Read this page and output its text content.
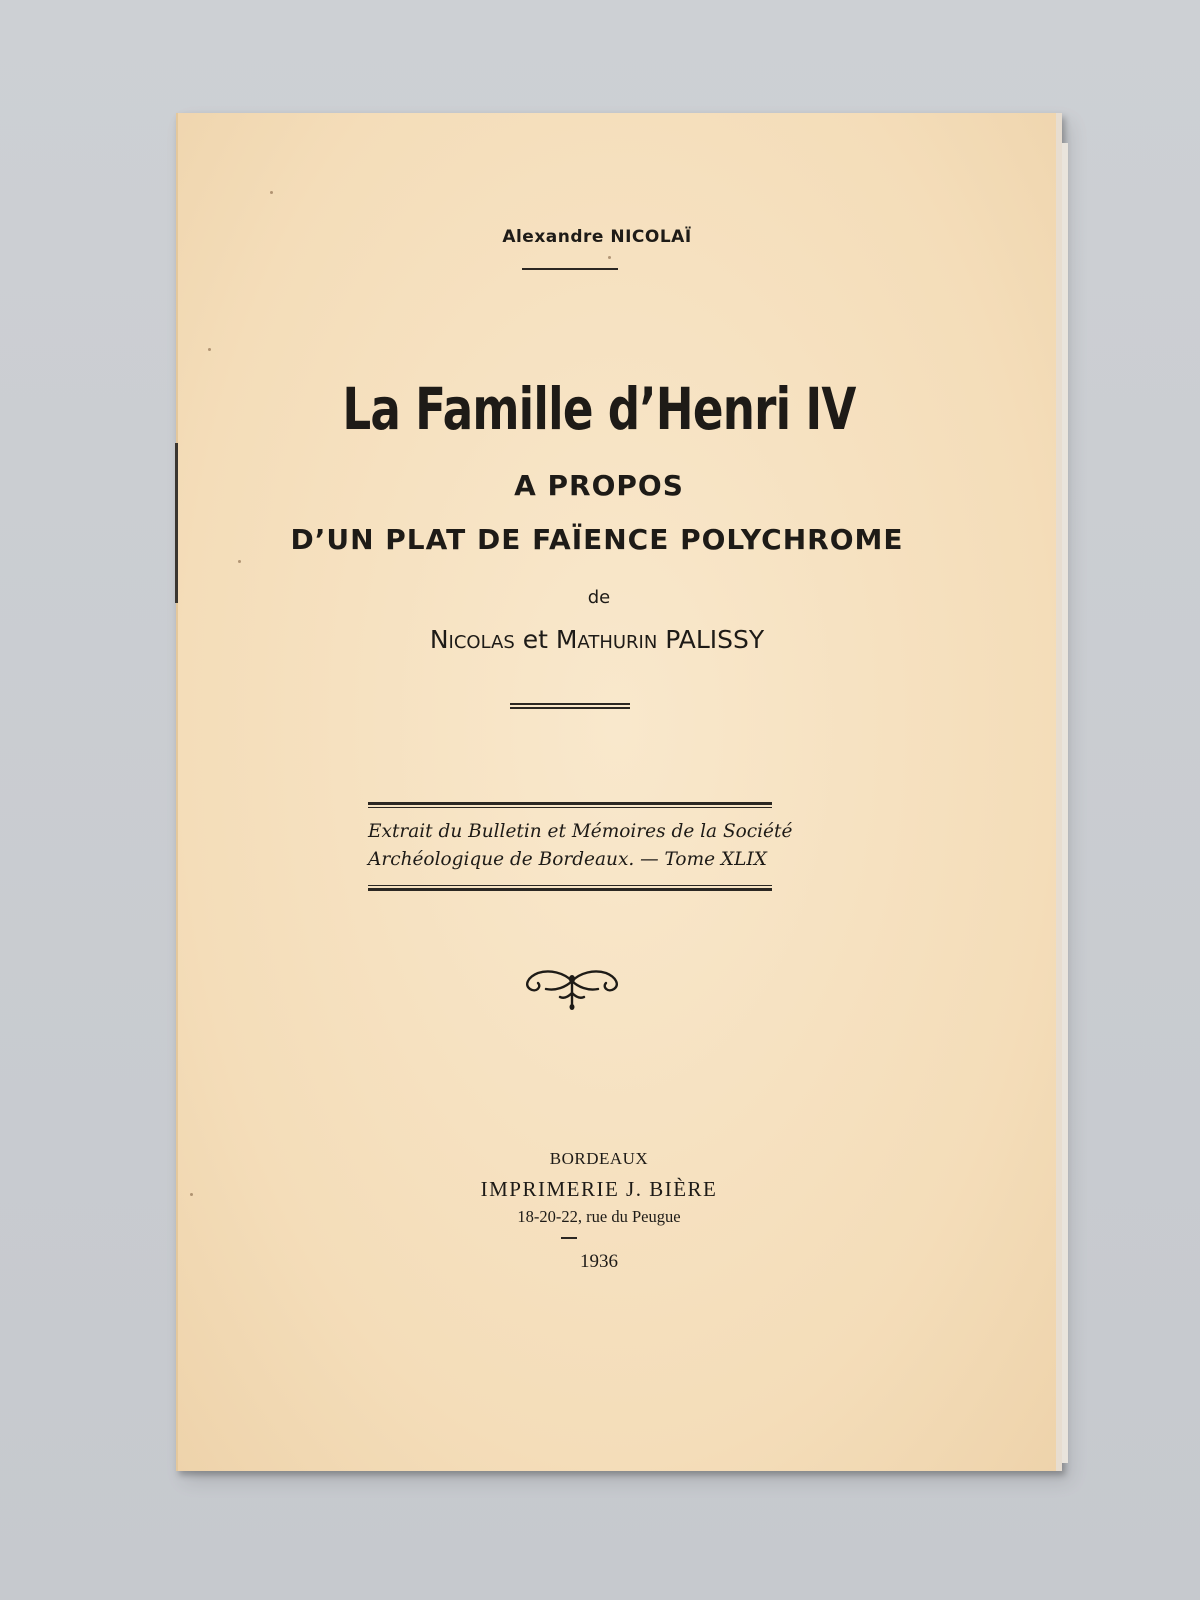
Alexandre NICOLAÏ
La Famille d’Henri IV
A PROPOS
D’UN PLAT DE FAÏENCE POLYCHROME
de
Nicolas et Mathurin PALISSY
Extrait du Bulletin et Mémoires de la Société
Archéologique de Bordeaux. — Tome XLIX
BORDEAUX
IMPRIMERIE J. BIÈRE
18-20-22, rue du Peugue
1936
